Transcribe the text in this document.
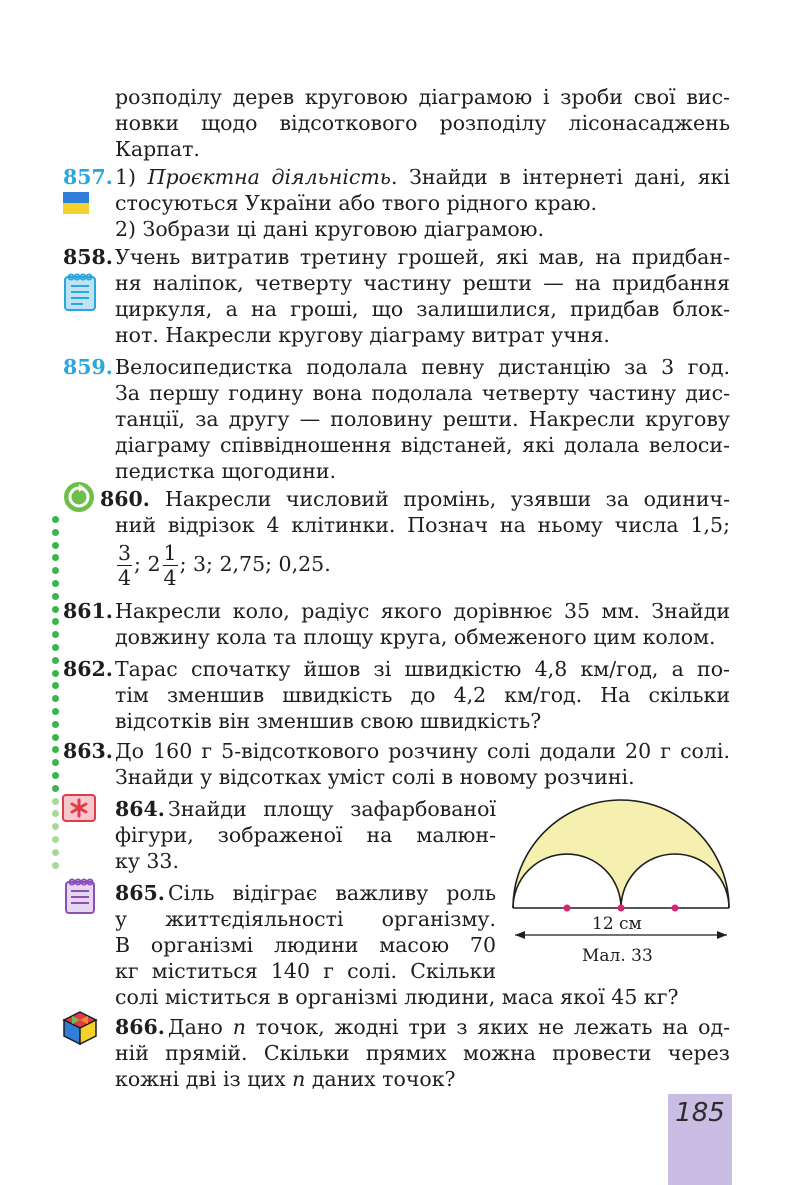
розподілу дерев круговою діаграмою і зроби свої вис-
новки щодо відсоткового розподілу лісонасаджень
Карпат.
857. 1) Проєктна діяльність. Знайди в інтернеті дані, які
стосуються України або твого рідного краю.
2) Зобрази ці дані круговою діаграмою.
858. Учень витратив третину грошей, які мав, на придбан-
ня наліпок, четверту частину решти — на придбання
циркуля, а на гроші, що залишилися, придбав блок-
нот. Накресли кругову діаграму витрат учня.
859. Велосипедистка подолала певну дистанцію за 3 год.
За першу годину вона подолала четверту частину дис-
танції, за другу — половину решти. Накресли кругову
діаграму співвідношення відстаней, які долала велоси-
педистка щогодини.
860. Накресли числовий промінь, узявши за одинич-
ний відрізок 4 клітинки. Познач на ньому числа 1,5;
$\frac{3}{4}$ ; $2 \frac{1}{4}$ ; 3; 2,75; 0,25.
861. Накресли коло, радіус якого дорівнює 35 мм. Знайди
довжину кола та площу круга, обмеженого цим колом.
862. Тарас спочатку йшов зі швидкістю 4,8 км/год, а по-
тім зменшив швидкість до 4,2 км/год. На скільки
відсотків він зменшив свою швидкість?
863. До 160 г 5-відсоткового розчину солі додали 20 г солі.
Знайди у відсотках уміст солі в новому розчині.
864. Знайди площу зафарбованої
фігури, зображеної на малюн-
ку 33.
12 см
Мал. 33
865. Сіль відіграє важливу роль
у життєдіяльності організму.
В організмі людини масою 70
кг міститься 140 г солі. Скільки
солі міститься в організмі людини, маса якої 45 кг?
866. Дано n точок, жодні три з яких не лежать на од-
ній прямій. Скільки прямих можна провести через
кожні дві із цих n даних точок?
185
